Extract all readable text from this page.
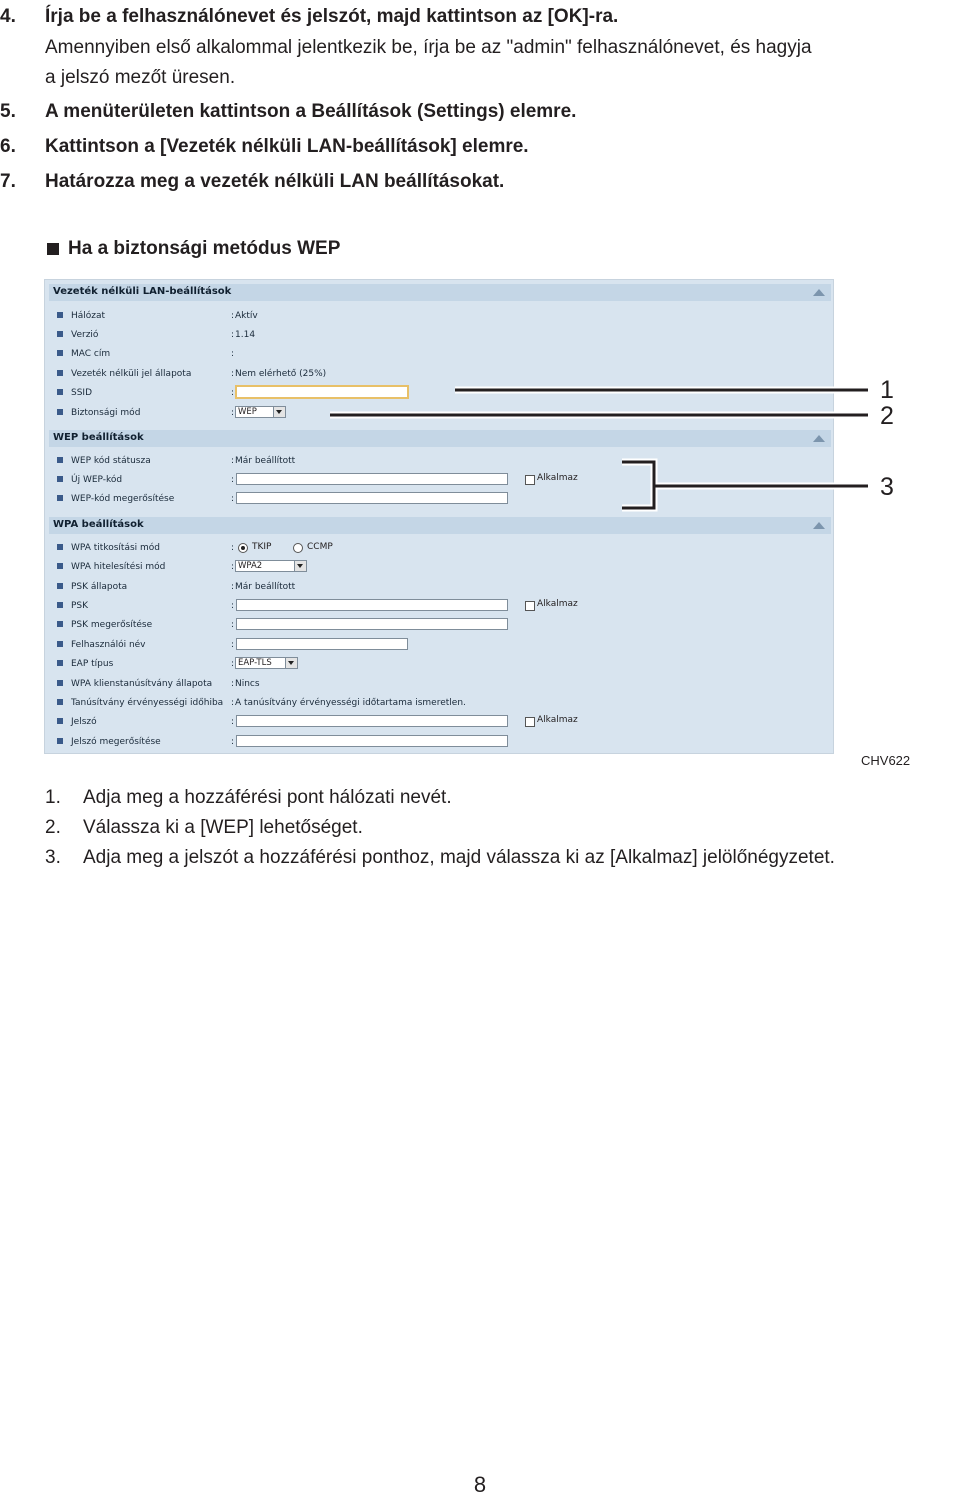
4.	Írja be a felhasználónevet és jelszót, majd kattintson az [OK]-ra.
Amennyiben első alkalommal jelentkezik be, írja be az "admin" felhasználónevet, és hagyja
a jelszó mezőt üresen.
5.	A menüterületen kattintson a Beállítások (Settings) elemre.
6.	Kattintson a [Vezeték nélküli LAN-beállítások] elemre.
7.	Határozza meg a vezeték nélküli LAN beállításokat.
Ha a biztonsági metódus WEP
Vezeték nélküli LAN-beállítások
Hálózat	: Aktív
Verzió	: 1.14
MAC cím	:
Vezeték nélküli jel állapota	: Nem elérhető (25%)
SSID	:
Biztonsági mód	: WEP
WEP beállítások
WEP kód státusza	: Már beállított
Új WEP-kód	:	Alkalmaz
WEP-kód megerősítése	:
WPA beállítások
WPA titkosítási mód	: TKIP	CCMP
WPA hitelesítési mód	: WPA2
PSK állapota	: Már beállított
PSK	:	Alkalmaz
PSK megerősítése	:
Felhasználói név	:
EAP típus	: EAP-TLS
WPA klienstanúsítvány állapota : Nincs
Tanúsítvány érvényességi időhiba : A tanúsítvány érvényességi időtartama ismeretlen.
Jelszó	:	Alkalmaz
Jelszó megerősítése	:
1
2
3
CHV622
1. Adja meg a hozzáférési pont hálózati nevét.
2. Válassza ki a [WEP] lehetőséget.
3. Adja meg a jelszót a hozzáférési ponthoz, majd válassza ki az [Alkalmaz] jelölőnégyzetet.
8
